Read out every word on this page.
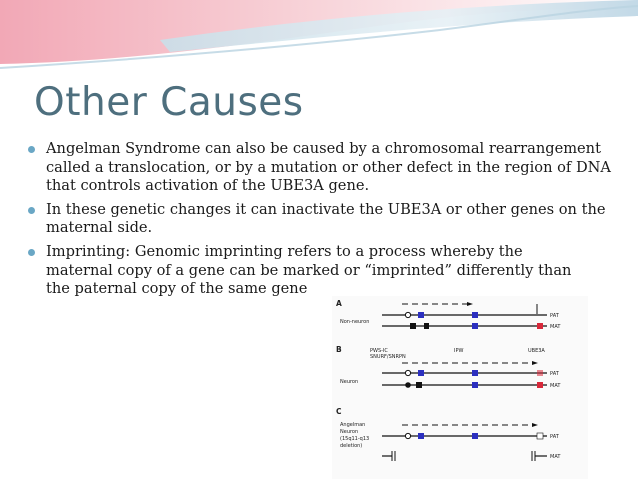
Other Causes
Angelman Syndrome can also be caused by a chromosomal rearrangement called a translocation, or by a mutation or other defect in the region of DNA that controls activation of the UBE3A gene.
In these genetic changes it can inactivate the UBE3A or other genes on the maternal side.
Imprinting: Genomic imprinting refers to a process whereby the
maternal copy of a gene can be marked or “imprinted” differently than
the paternal copy of the same gene
A
Non-neuron
PAT
MAT
B	PWS-IC
SNURF/SNRPN
IPW	UBE3A
Neuron
PAT
MAT
C
Angelman
Neuron
(15q11-q13
deletion)
PAT
MAT
